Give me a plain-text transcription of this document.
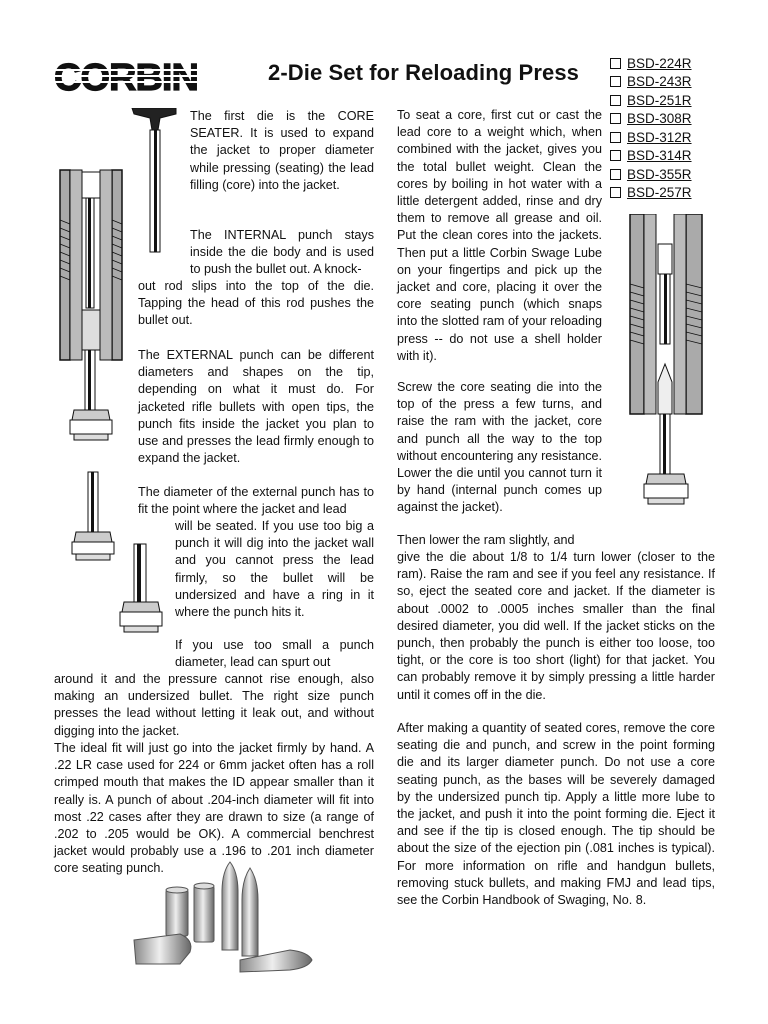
CORBIN	2-Die Set for Reloading Press	BSD-224R
BSD-243R
BSD-251R
BSD-308R
BSD-312R
BSD-314R
BSD-355R
BSD-257R
The first die is the CORE SEATER. It is used to expand the jacket to proper diameter while pressing (seating) the lead filling (core) into the jacket.
The INTERNAL punch stays inside the die body and is used to push the bullet out. A knock-
out rod slips into the top of the die. Tapping the head of this rod pushes the bullet out.
The EXTERNAL punch can be different diameters and shapes on the tip, depending on what it must do. For jacketed rifle bullets with open tips, the punch fits inside the jacket you plan to use and presses the lead firmly enough to expand the jacket.
The diameter of the external punch has to fit the point where the jacket and lead
will be seated. If you use too big a punch it will dig into the jacket wall and you cannot press the lead firmly, so the bullet will be undersized and have a ring in it where the punch hits it.
If you use too small a punch diameter, lead can spurt out
around it and the pressure cannot rise enough, also making an undersized bullet. The right size punch presses the lead without letting it leak out, and without digging into the jacket.
The ideal fit will just go into the jacket firmly by hand. A .22 LR case used for 224 or 6mm jacket often has a roll crimped mouth that makes the ID appear smaller than it really is. A punch of about .204-inch diameter will fit into most .22 cases after they are drawn to size (a range of .202 to .205 would be OK). A commercial benchrest jacket would probably use a .196 to .201 inch diameter core seating punch.
To seat a core, first cut or cast the lead core to a weight which, when combined with the jacket, gives you the total bullet weight. Clean the cores by boiling in hot water with a little detergent added, rinse and dry them to remove all grease and oil. Put the clean cores into the jackets. Then put a little Corbin Swage Lube on your fingertips and pick up the jacket and core, placing it over the core seating punch (which snaps into the slotted ram of your reloading press -- do not use a shell holder with it).
Screw the core seating die into the top of the press a few turns, and raise the ram with the jacket, core and punch all the way to the top without encountering any resistance. Lower the die until you cannot turn it by hand (internal punch comes up against the jacket).
Then lower the ram slightly, and
give the die about 1/8 to 1/4 turn lower (closer to the ram). Raise the ram and see if you feel any resistance. If so, eject the seated core and jacket. If the diameter is about .0002 to .0005 inches smaller than the final desired diameter, you did well. If the jacket sticks on the punch, then probably the punch is either too loose, too tight, or the core is too short (light) for that jacket. You can probably remove it by simply pressing a little harder until it comes off in the die.
After making a quantity of seated cores, remove the core seating die and punch, and screw in the point forming die and its larger diameter punch. Do not use a core seating punch, as the bases will be severely damaged by the undersized punch tip. Apply a little more lube to the jacket, and push it into the point forming die. Eject it and see if the tip is closed enough. The tip should be about the size of the ejection pin (.081 inches is typical). For more information on rifle and handgun bullets, removing stuck bullets, and making FMJ and lead tips, see the Corbin Handbook of Swaging, No. 8.
